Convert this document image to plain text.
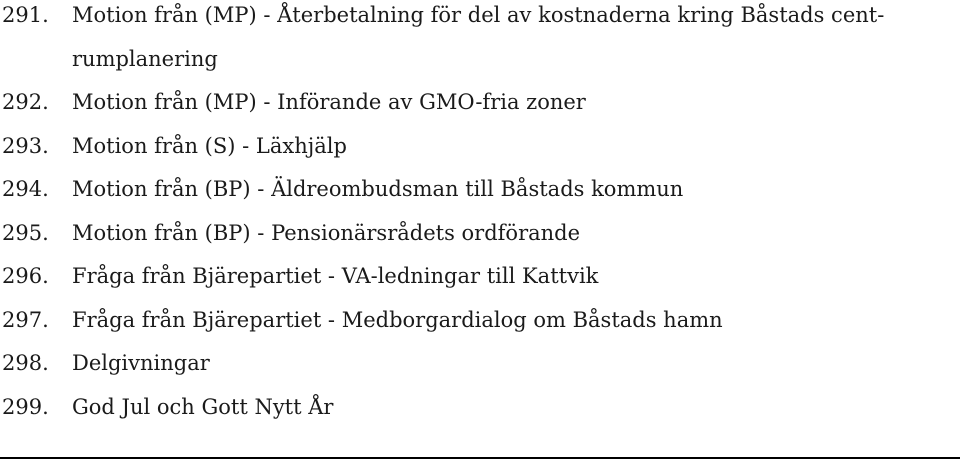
291.	Motion från (MP) - Återbetalning för del av kostnaderna kring Båstads cent-
rumplanering
292.	Motion från (MP) - Införande av GMO-fria zoner
293.	Motion från (S) - Läxhjälp
294.	Motion från (BP) - Äldreombudsman till Båstads kommun
295.	Motion från (BP) - Pensionärsrådets ordförande
296.	Fråga från Bjärepartiet - VA-ledningar till Kattvik
297.	Fråga från Bjärepartiet - Medborgardialog om Båstads hamn
298.	Delgivningar
299.	God Jul och Gott Nytt År
